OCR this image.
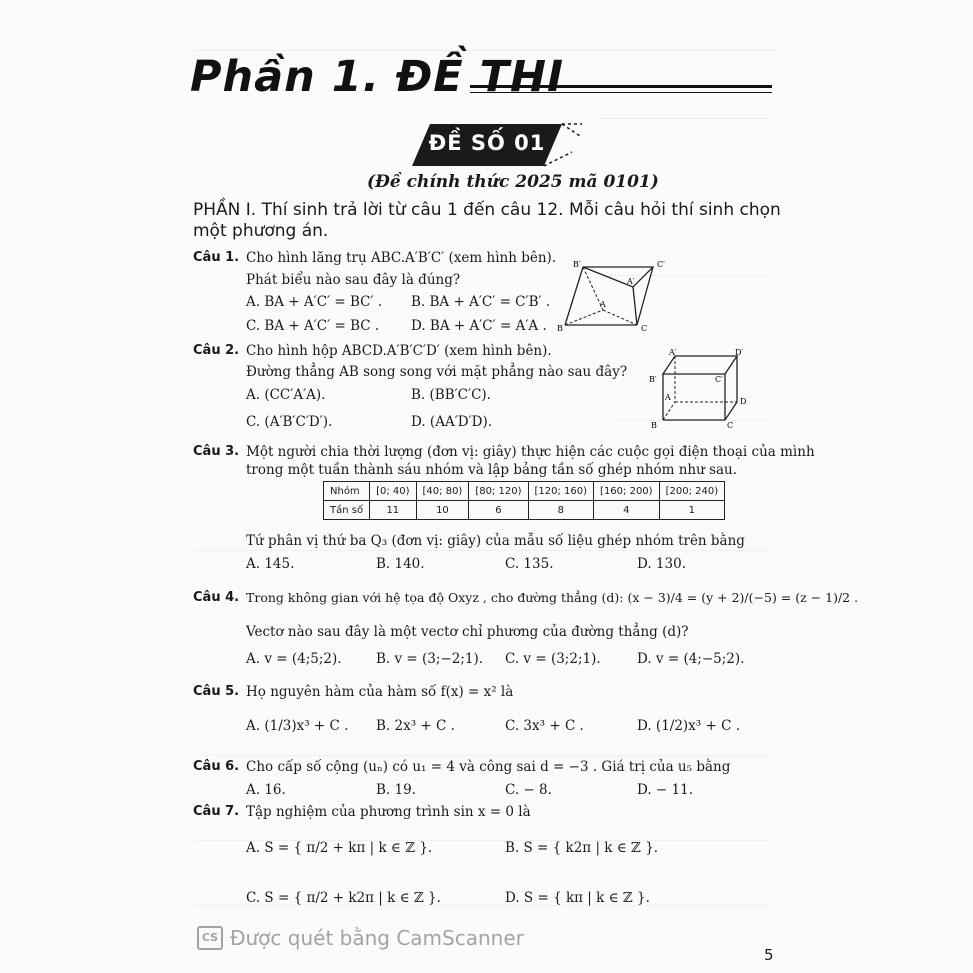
Phần 1. ĐỀ THI
ĐỀ SỐ 01
(Đề chính thức 2025 mã 0101)
PHẦN I. Thí sinh trả lời từ câu 1 đến câu 12. Mỗi câu hỏi thí sinh chọn một phương án.
Câu 1. Cho hình lăng trụ ABC.A′B′C′ (xem hình bên).
Phát biểu nào sau đây là đúng?
A. BA + A′C′ = BC′ . B. BA + A′C′ = C′B′ .
C. BA + A′C′ = BC . D. BA + A′C′ = A′A .
B′	C′
A′
A
B	C
Câu 2. Cho hình hộp ABCD.A′B′C′D′ (xem hình bên).
Đường thẳng AB song song với mặt phẳng nào sau đây?
A. (CC′A′A).	B. (BB′C′C).
C. (A′B′C′D′).	D. (AA′D′D).
A′	D′
B′	C′
A	D
B	C
Câu 3. Một người chia thời lượng (đơn vị: giây) thực hiện các cuộc gọi điện thoại của mình
trong một tuần thành sáu nhóm và lập bảng tần số ghép nhóm như sau.
Nhóm	[0; 40)	[40; 80)	[80; 120)	[120; 160)	[160; 200)	[200; 240)
Tần số	11	10	6	8	4	1
Tứ phân vị thứ ba Q₃ (đơn vị: giây) của mẫu số liệu ghép nhóm trên bằng
A. 145.	B. 140.	C. 135.	D. 130.
Câu 4. Trong không gian với hệ tọa độ Oxyz , cho đường thẳng (d): (x − 3)/4 = (y + 2)/(−5) = (z − 1)/2 .
Vectơ nào sau đây là một vectơ chỉ phương của đường thẳng (d)?
A. v = (4;5;2).	B. v = (3;−2;1). C. v = (3;2;1).	D. v = (4;−5;2).
Câu 5. Họ nguyên hàm của hàm số f(x) = x² là
A. (1/3)x³ + C . B. 2x³ + C .	C. 3x³ + C .	D. (1/2)x³ + C .
Câu 6. Cho cấp số cộng (uₙ) có u₁ = 4 và công sai d = −3 . Giá trị của u₅ bằng
A. 16.	B. 19.	C. − 8.	D. − 11.
Câu 7. Tập nghiệm của phương trình sin x = 0 là
A. S = { π/2 + kπ | k ∈ ℤ }.	B. S = { k2π | k ∈ ℤ }.
C. S = { π/2 + k2π | k ∈ ℤ }.	D. S = { kπ | k ∈ ℤ }.
CS Được quét bằng CamScanner
5
